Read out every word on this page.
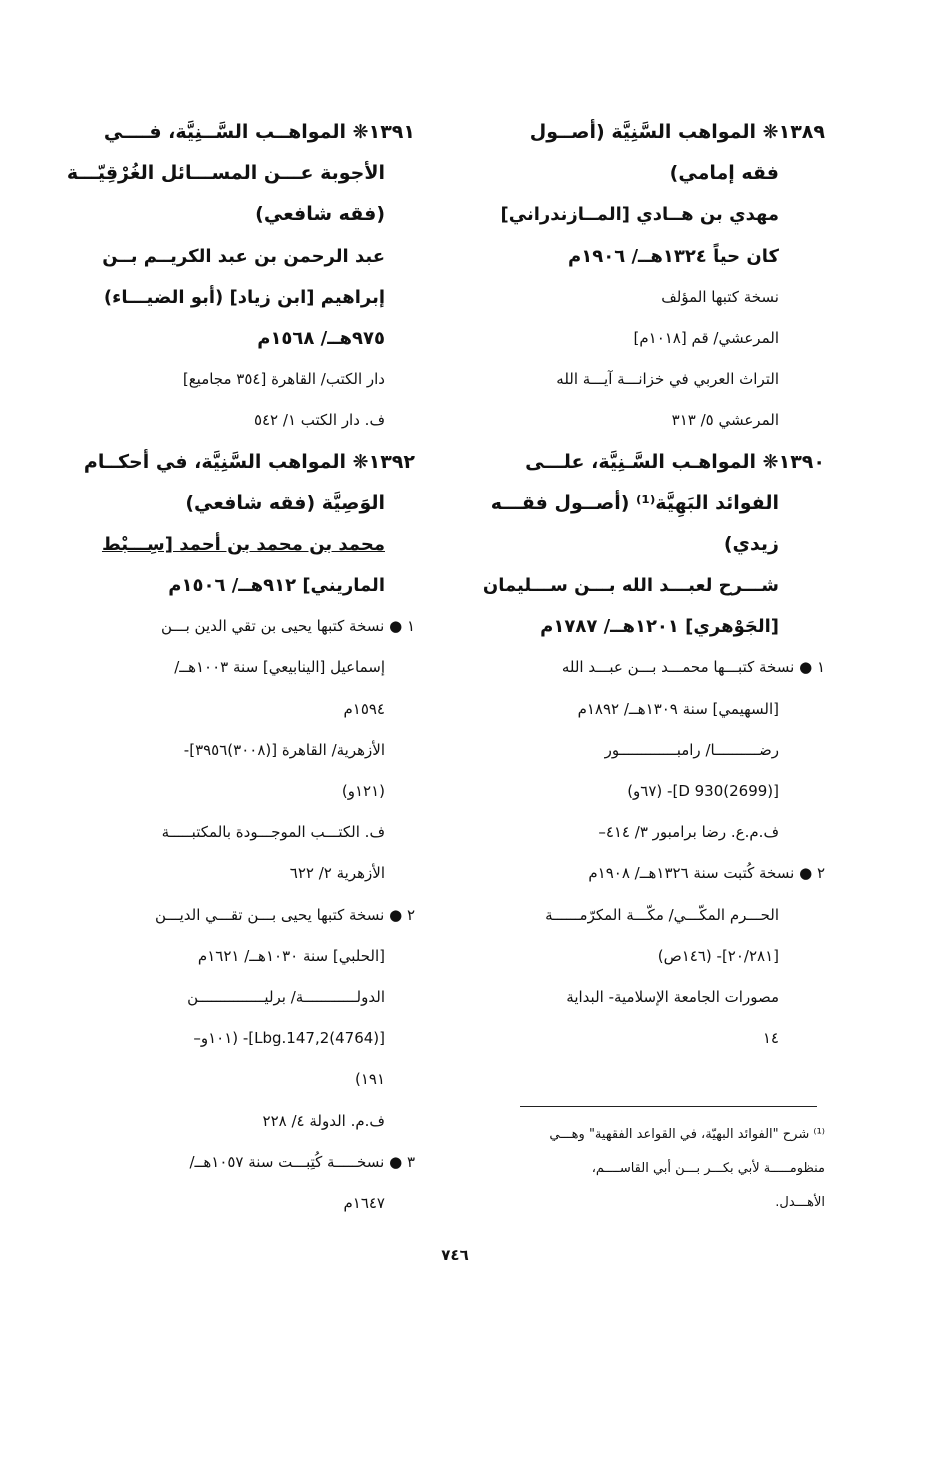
١٣٨٩❋ المواهب السَّنِيَّة (أصــول
فقه إمامي)
مهدي بن هــادي [المــازندراني]
كان حياً ١٣٢٤هــ/ ١٩٠٦م
نسخة كتبها المؤلف
المرعشي/ قم [١٠١٨م]
التراث العربي في خزانـــة آيـــة الله
المرعشي ٥/ ٣١٣
١٣٩٠❋ المواهـب السَّـنِيَّة، علـــى
الفوائد البَهِيَّة⁽¹⁾ (أصــول فقـــه
زيدي)
شـــرح لعبـــد الله بـــن ســـليمان
[الجَوْهري] ١٢٠١هــ/ ١٧٨٧م
١ ● نسخة كتبـــها محمـــد بـــن عبـــد الله
[السهيمي] سنة ١٣٠٩هــ/ ١٨٩٢م
رضــــــــــا/ رامبـــــــــــــور
[D 930(2699)]- (٦٧و)
ف.م.ع. رضا برامبور ٣/ ٤١٤–
٢ ● نسخة كُتبت سنة ١٣٢٦هــ/ ١٩٠٨م
الحـــرم المكّـــي/ مكّـــة المكرّمــــــة
[٢٠/٢٨١]- (١٤٦ص)
مصورات الجامعة الإسلامية- البداية
١٤
١٣٩١❋ المواهــب السَّــنِيَّة، فــــي
الأجوبة عـــن المســـائل الغُرْقِيّـــة
(فقه شافعي)
عبد الرحمن بن عبد الكريــم بــن
إبراهيم [ابن زياد] (أبو الضيـــاء)
٩٧٥هــ/ ١٥٦٨م
دار الكتب/ القاهرة [٣٥٤ مجاميع]
ف. دار الكتب ١/ ٥٤٢
١٣٩٢❋ المواهب السَّنِيَّة، في أحكــام
الوَصِيَّة (فقه شافعي)
محمد بن محمد بن أحمد [سِـــبْط
الماريني] ٩١٢هــ/ ١٥٠٦م
١ ● نسخة كتبها يحيى بن تقي الدين بـــن
إسماعيل [الينابيعي] سنة ١٠٠٣هــ/
١٥٩٤م
الأزهرية/ القاهرة [(٣٠٠٨)٣٩٥٦]-
(١٢١و)
ف. الكتـــب الموجـــودة بالمكتبـــــة
الأزهرية ٢/ ٦٢٢
٢ ● نسخة كتبها يحيى بـــن تقـــي الديـــن
[الحلبي] سنة ١٠٣٠هــ/ ١٦٢١م
الدولــــــــــــة/ برليـــــــــــــــن
[Lbg.147,2(4764)]- (١٠١و–
١٩١)
ف.م. الدولة ٤/ ٢٢٨
٣ ● نسخـــــة كُتِبـــت سنة ١٠٥٧هــ/
١٦٤٧م
⁽¹⁾ شرح "الفوائد البهيّة، في القواعد الفقهية" وهـــي
منظومـــــة لأبي بكـــر بـــن أبي القاســــم،
الأهـــدل.
٧٤٦
